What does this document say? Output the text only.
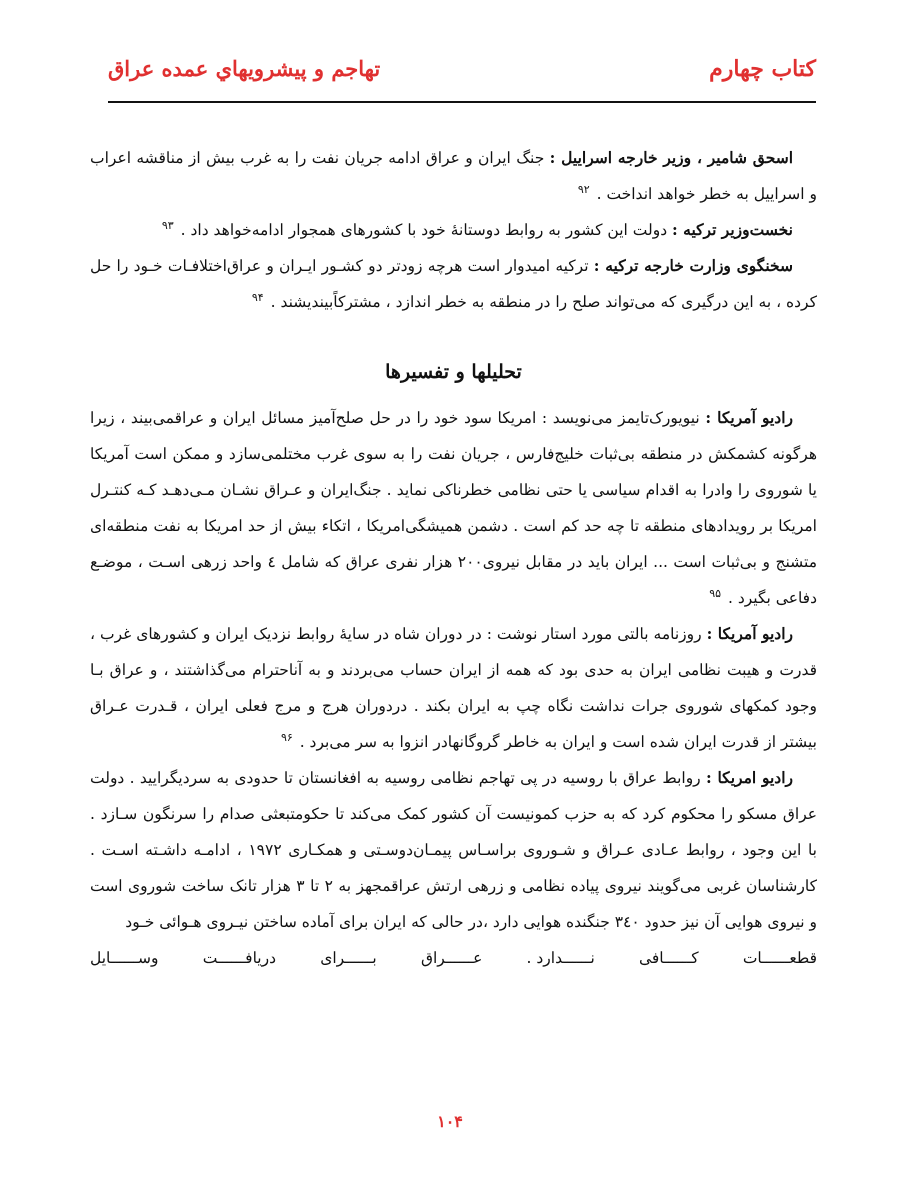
کتاب چهارم
تهاجم و پیشرویهاي عمده عراق

اسحق شامیر ، وزیر خارجه اسراییل : جنگ ایران و عراق ادامه جریان نفت را به غرب بیش از مناقشه اعراب و اسراییل به خطر خواهد انداخت . $^{۹۲}$

نخست‌وزیر ترکیه : دولت این کشور به روابط دوستانهٔ خود با کشورهای همجوار ادامه‌خواهد داد . $^{۹۳}$

سخنگوی وزارت خارجه ترکیه : ترکیه امیدوار است هرچه زودتر دو کشـور ایـران و عراق‌اختلافـات خـود را حل کرده ، به این درگیری که می‌تواند صلح را در منطقه به خطر اندازد ، مشترکاًبیندیشند . $^{۹۴}$

تحلیلها و تفسیرها

رادیو آمریکا : نیویورک‌تایمز می‌نویسد : امریکا سود خود را در حل صلح‌آمیز مسائل ایران و عراقمی‌بیند ، زیرا هرگونه کشمکش در منطقه بی‌ثبات خلیج‌فارس ، جریان نفت را به سوی غرب مختلمی‌سازد و ممکن است آمریکا یا شوروی را وادرا به اقدام سیاسی یا حتی نظامی خطرناکی نماید . جنگ‌ایران و عـراق نشـان مـی‌دهـد کـه کنتـرل امریکا بر رویدادهای منطقه تا چه حد کم است . دشمن همیشگی‌امریکا ، اتکاء بیش از حد امریکا به نفت منطقه‌ای متشنج و بی‌ثبات است ... ایران باید در مقابل نیروی‌۲۰۰ هزار نفری عراق که شامل ٤ واحد زرهی اسـت ، موضـع دفاعی بگیرد . $^{۹۵}$

رادیو آمریکا : روزنامه بالتی مورد استار نوشت : در دوران شاه در سایهٔ روابط نزدیک ایران و کشورهای غرب ، قدرت و هیبت نظامی ایران به حدی بود که همه از ایران حساب می‌بردند و به آناحترام می‌گذاشتند ، و عراق بـا وجود کمکهای شوروی جرات نداشت نگاه چپ به ایران بکند . دردوران هرج و مرج فعلی ایران ، قـدرت عـراق بیشتر از قدرت ایران شده است و ایران به خاطر گروگانهادر انزوا به سر می‌برد . $^{۹۶}$

رادیو امریکا : روابط عراق با روسیه در پی تهاجم نظامی روسیه به افغانستان تا حدودی به سردیگرایید . دولت عراق مسکو را محکوم کرد که به حزب کمونیست آن کشور کمک می‌کند تا حکومتبعثی صدام را سرنگون سـازد . با این وجود ، روابط عـادی عـراق و شـوروی براسـاس پیمـان‌دوسـتی و همکـاری ۱۹۷۲ ، ادامـه داشـته اسـت . کارشناسان غربی می‌گویند نیروی پیاده نظامی و زرهی ارتش عراقمجهز به ۲ تا ۳ هزار تانک ساخت شوروی است و نیروی هوایی آن نیز حدود ۳٤٠ جنگنده هوایی دارد ،در حالی که ایران برای آماده ساختن نیـروی هـوائی خـود

قطعــــــات
کــــــافی
نــــــدارد .
عــــــراق
بــــــرای
دریافــــــت
وســــــایل
۱۰۴
